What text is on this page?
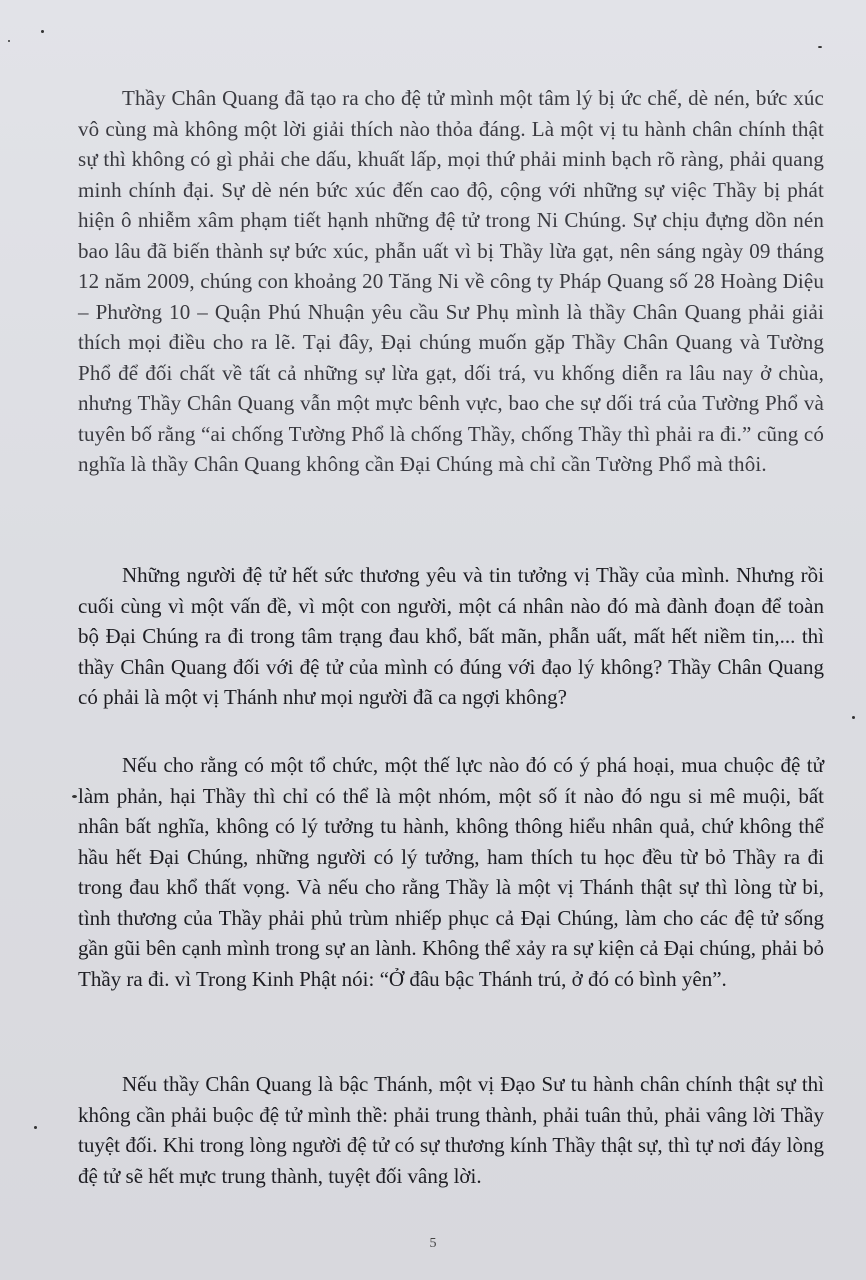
Thầy Chân Quang đã tạo ra cho đệ tử mình một tâm lý bị ức chế, dè nén, bức xúc vô cùng mà không một lời giải thích nào thỏa đáng. Là một vị tu hành chân chính thật sự thì không có gì phải che dấu, khuất lấp, mọi thứ phải minh bạch rõ ràng, phải quang minh chính đại. Sự dè nén bức xúc đến cao độ, cộng với những sự việc Thầy bị phát hiện ô nhiễm xâm phạm tiết hạnh những đệ tử trong Ni Chúng. Sự chịu đựng dồn nén bao lâu đã biến thành sự bức xúc, phẫn uất vì bị Thầy lừa gạt, nên sáng ngày 09 tháng 12 năm 2009, chúng con khoảng 20 Tăng Ni về công ty Pháp Quang số 28 Hoàng Diệu – Phường 10 – Quận Phú Nhuận yêu cầu Sư Phụ mình là thầy Chân Quang phải giải thích mọi điều cho ra lẽ. Tại đây, Đại chúng muốn gặp Thầy Chân Quang và Tường Phổ để đối chất về tất cả những sự lừa gạt, dối trá, vu khống diễn ra lâu nay ở chùa, nhưng Thầy Chân Quang vẫn một mực bênh vực, bao che sự dối trá của Tường Phổ và tuyên bố rằng “ai chống Tường Phổ là chống Thầy, chống Thầy thì phải ra đi.” cũng có nghĩa là thầy Chân Quang không cần Đại Chúng mà chỉ cần Tường Phổ mà thôi.

Những người đệ tử hết sức thương yêu và tin tưởng vị Thầy của mình. Nhưng rồi cuối cùng vì một vấn đề, vì một con người, một cá nhân nào đó mà đành đoạn để toàn bộ Đại Chúng ra đi trong tâm trạng đau khổ, bất mãn, phẫn uất, mất hết niềm tin,... thì thầy Chân Quang đối với đệ tử của mình có đúng với đạo lý không? Thầy Chân Quang có phải là một vị Thánh như mọi người đã ca ngợi không?

Nếu cho rằng có một tổ chức, một thế lực nào đó có ý phá hoại, mua chuộc đệ tử làm phản, hại Thầy thì chỉ có thể là một nhóm, một số ít nào đó ngu si mê muội, bất nhân bất nghĩa, không có lý tưởng tu hành, không thông hiểu nhân quả, chứ không thể hầu hết Đại Chúng, những người có lý tưởng, ham thích tu học đều từ bỏ Thầy ra đi trong đau khổ thất vọng. Và nếu cho rằng Thầy là một vị Thánh thật sự thì lòng từ bi, tình thương của Thầy phải phủ trùm nhiếp phục cả Đại Chúng, làm cho các đệ tử sống gần gũi bên cạnh mình trong sự an lành. Không thể xảy ra sự kiện cả Đại chúng, phải bỏ Thầy ra đi. vì Trong Kinh Phật nói: “Ở đâu bậc Thánh trú, ở đó có bình yên”.

Nếu thầy Chân Quang là bậc Thánh, một vị Đạo Sư tu hành chân chính thật sự thì không cần phải buộc đệ tử mình thề: phải trung thành, phải tuân thủ, phải vâng lời Thầy tuyệt đối. Khi trong lòng người đệ tử có sự thương kính Thầy thật sự, thì tự nơi đáy lòng đệ tử sẽ hết mực trung thành, tuyệt đối vâng lời.

5
